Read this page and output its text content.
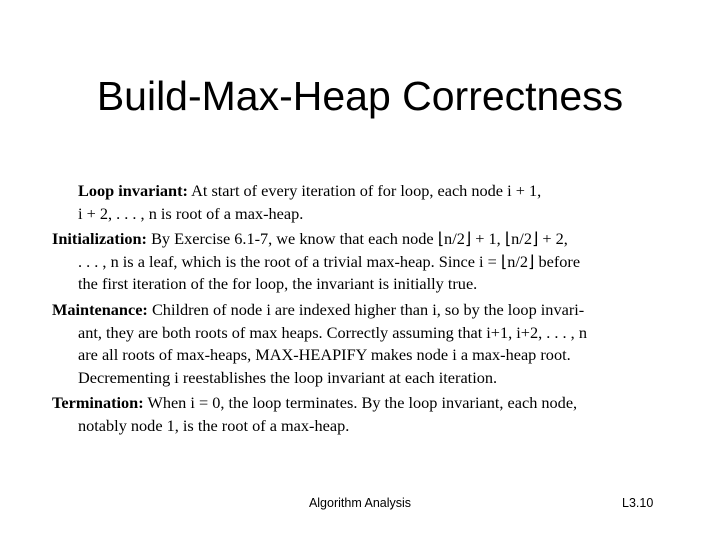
Build-Max-Heap Correctness
Loop invariant: At start of every iteration of for loop, each node i + 1,
i + 2, . . . , n is root of a max-heap.
Initialization: By Exercise 6.1-7, we know that each node ⌊n/2⌋ + 1, ⌊n/2⌋ + 2,
. . . , n is a leaf, which is the root of a trivial max-heap. Since i = ⌊n/2⌋ before
the first iteration of the for loop, the invariant is initially true.
Maintenance: Children of node i are indexed higher than i, so by the loop invari-
ant, they are both roots of max heaps. Correctly assuming that i+1, i+2, . . . , n
are all roots of max-heaps, MAX-HEAPIFY makes node i a max-heap root.
Decrementing i reestablishes the loop invariant at each iteration.
Termination: When i = 0, the loop terminates. By the loop invariant, each node,
notably node 1, is the root of a max-heap.
Algorithm Analysis	L3.10
